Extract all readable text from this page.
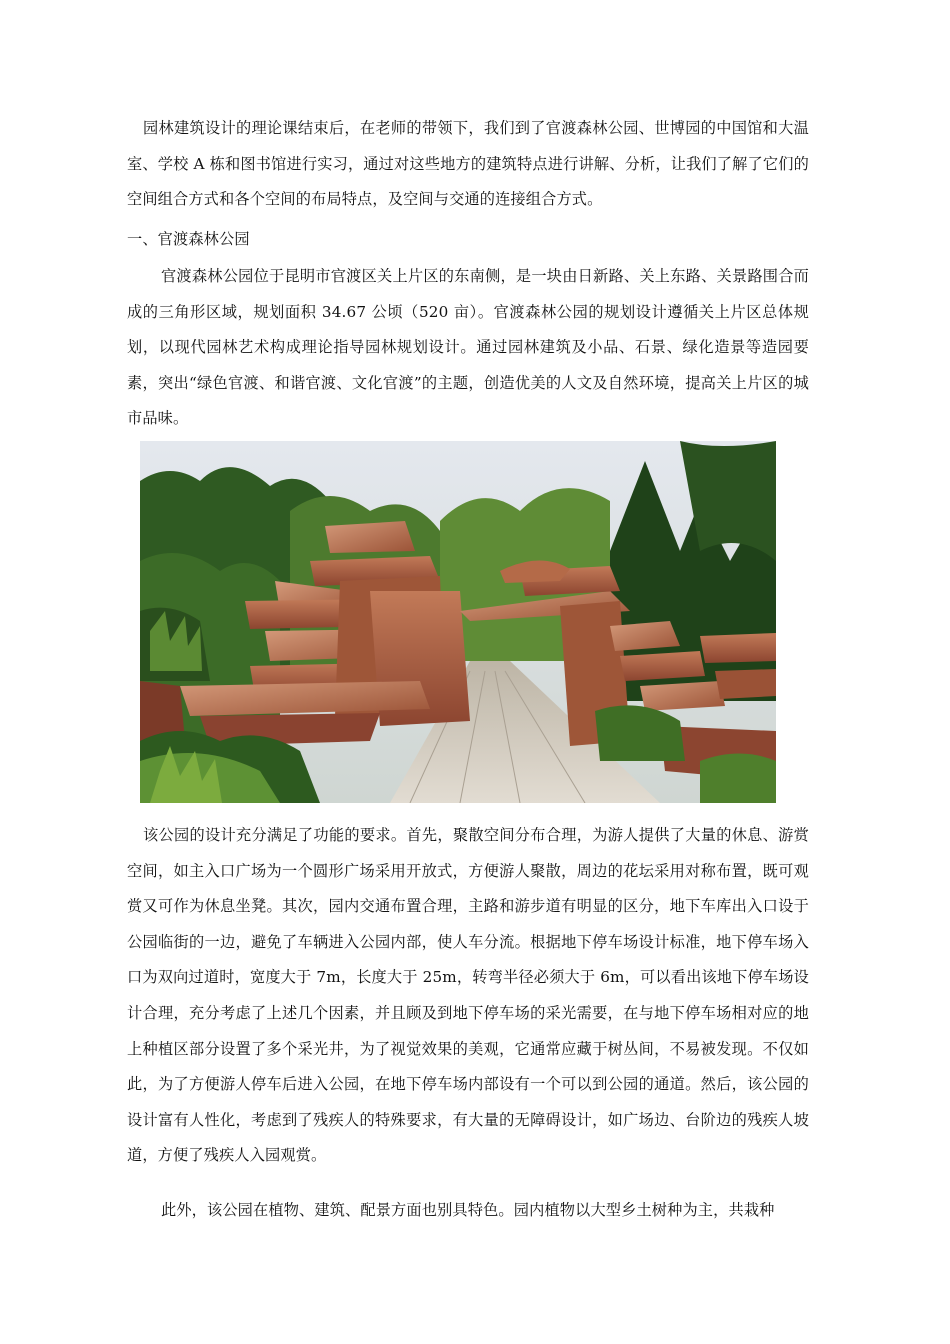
园林建筑设计的理论课结束后，在老师的带领下，我们到了官渡森林公园、世博园的中国馆和大温室、学校 A 栋和图书馆进行实习，通过对这些地方的建筑特点进行讲解、分析，让我们了解了它们的空间组合方式和各个空间的布局特点，及空间与交通的连接组合方式。

一、官渡森林公园

官渡森林公园位于昆明市官渡区关上片区的东南侧，是一块由日新路、关上东路、关景路围合而成的三角形区域，规划面积 34.67 公顷（520 亩）。官渡森林公园的规划设计遵循关上片区总体规划，以现代园林艺术构成理论指导园林规划设计。通过园林建筑及小品、石景、绿化造景等造园要素，突出“绿色官渡、和谐官渡、文化官渡”的主题，创造优美的人文及自然环境，提高关上片区的城市品味。

该公园的设计充分满足了功能的要求。首先，聚散空间分布合理，为游人提供了大量的休息、游赏空间，如主入口广场为一个圆形广场采用开放式，方便游人聚散，周边的花坛采用对称布置，既可观赏又可作为休息坐凳。其次，园内交通布置合理，主路和游步道有明显的区分，地下车库出入口设于公园临街的一边，避免了车辆进入公园内部，使人车分流。根据地下停车场设计标准，地下停车场入口为双向过道时，宽度大于 7m，长度大于 25m，转弯半径必须大于 6m，可以看出该地下停车场设计合理，充分考虑了上述几个因素，并且顾及到地下停车场的采光需要，在与地下停车场相对应的地上种植区部分设置了多个采光井，为了视觉效果的美观，它通常应藏于树丛间，不易被发现。不仅如此，为了方便游人停车后进入公园，在地下停车场内部设有一个可以到公园的通道。然后，该公园的设计富有人性化，考虑到了残疾人的特殊要求，有大量的无障碍设计，如广场边、台阶边的残疾人坡道，方便了残疾人入园观赏。

此外，该公园在植物、建筑、配景方面也别具特色。园内植物以大型乡土树种为主，共栽种
